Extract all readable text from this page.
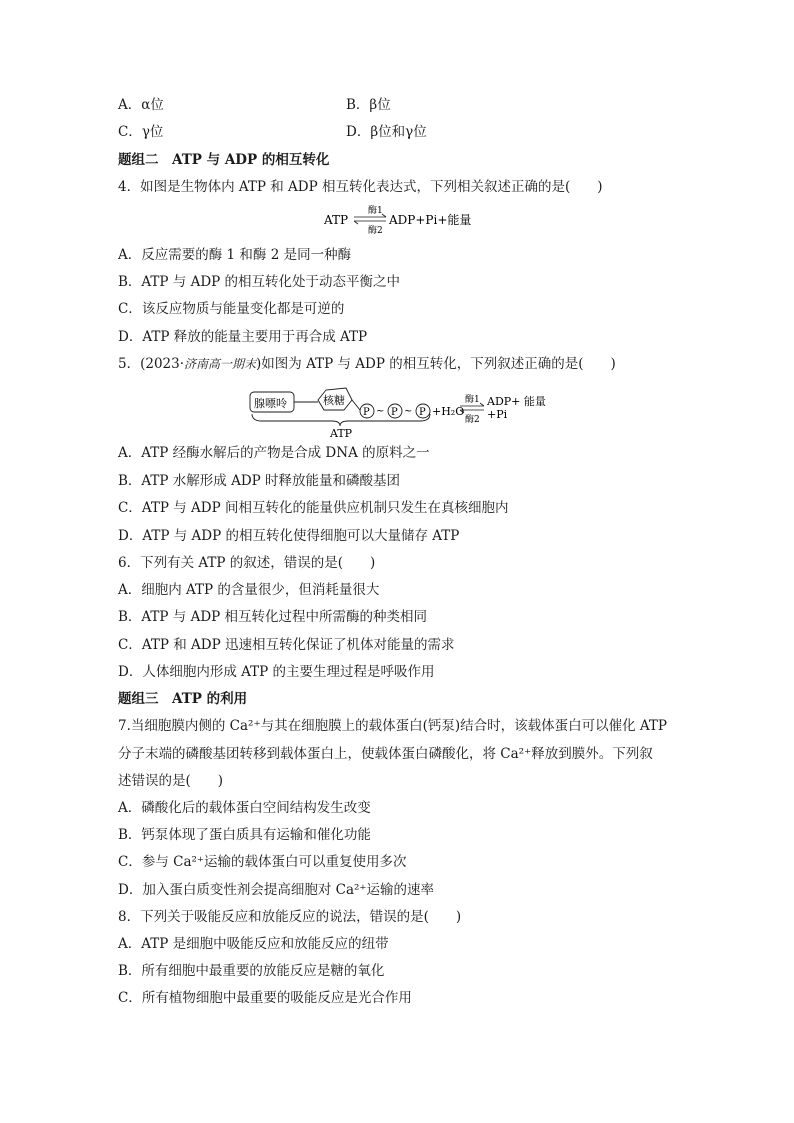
A．α位	B．β位
C．γ位	D．β位和γ位
题组二　ATP 与 ADP 的相互转化
4．如图是生物体内 ATP 和 ADP 相互转化表达式，下列相关叙述正确的是(　　)
ATP
酶1
酶2
ADP+Pi+能量
A．反应需要的酶 1 和酶 2 是同一种酶
B．ATP 与 ADP 的相互转化处于动态平衡之中
C．该反应物质与能量变化都是可逆的
D．ATP 释放的能量主要用于再合成 ATP
5．(2023·济南高一期末)如图为 ATP 与 ADP 的相互转化，下列叙述正确的是(　　)
腺嘌呤	核糖
P ~ P ~ P +H₂O
酶1
酶2
ADP+ 能量
+Pi
ATP
A．ATP 经酶水解后的产物是合成 DNA 的原料之一
B．ATP 水解形成 ADP 时释放能量和磷酸基团
C．ATP 与 ADP 间相互转化的能量供应机制只发生在真核细胞内
D．ATP 与 ADP 的相互转化使得细胞可以大量储存 ATP
6．下列有关 ATP 的叙述，错误的是(　　)
A．细胞内 ATP 的含量很少，但消耗量很大
B．ATP 与 ADP 相互转化过程中所需酶的种类相同
C．ATP 和 ADP 迅速相互转化保证了机体对能量的需求
D．人体细胞内形成 ATP 的主要生理过程是呼吸作用
题组三　ATP 的利用
7.当细胞膜内侧的 Ca²⁺与其在细胞膜上的载体蛋白(钙泵)结合时，该载体蛋白可以催化 ATP
分子末端的磷酸基团转移到载体蛋白上，使载体蛋白磷酸化，将 Ca²⁺释放到膜外。下列叙
述错误的是(　　)
A．磷酸化后的载体蛋白空间结构发生改变
B．钙泵体现了蛋白质具有运输和催化功能
C．参与 Ca²⁺运输的载体蛋白可以重复使用多次
D．加入蛋白质变性剂会提高细胞对 Ca²⁺运输的速率
8．下列关于吸能反应和放能反应的说法，错误的是(　　)
A．ATP 是细胞中吸能反应和放能反应的纽带
B．所有细胞中最重要的放能反应是糖的氧化
C．所有植物细胞中最重要的吸能反应是光合作用
